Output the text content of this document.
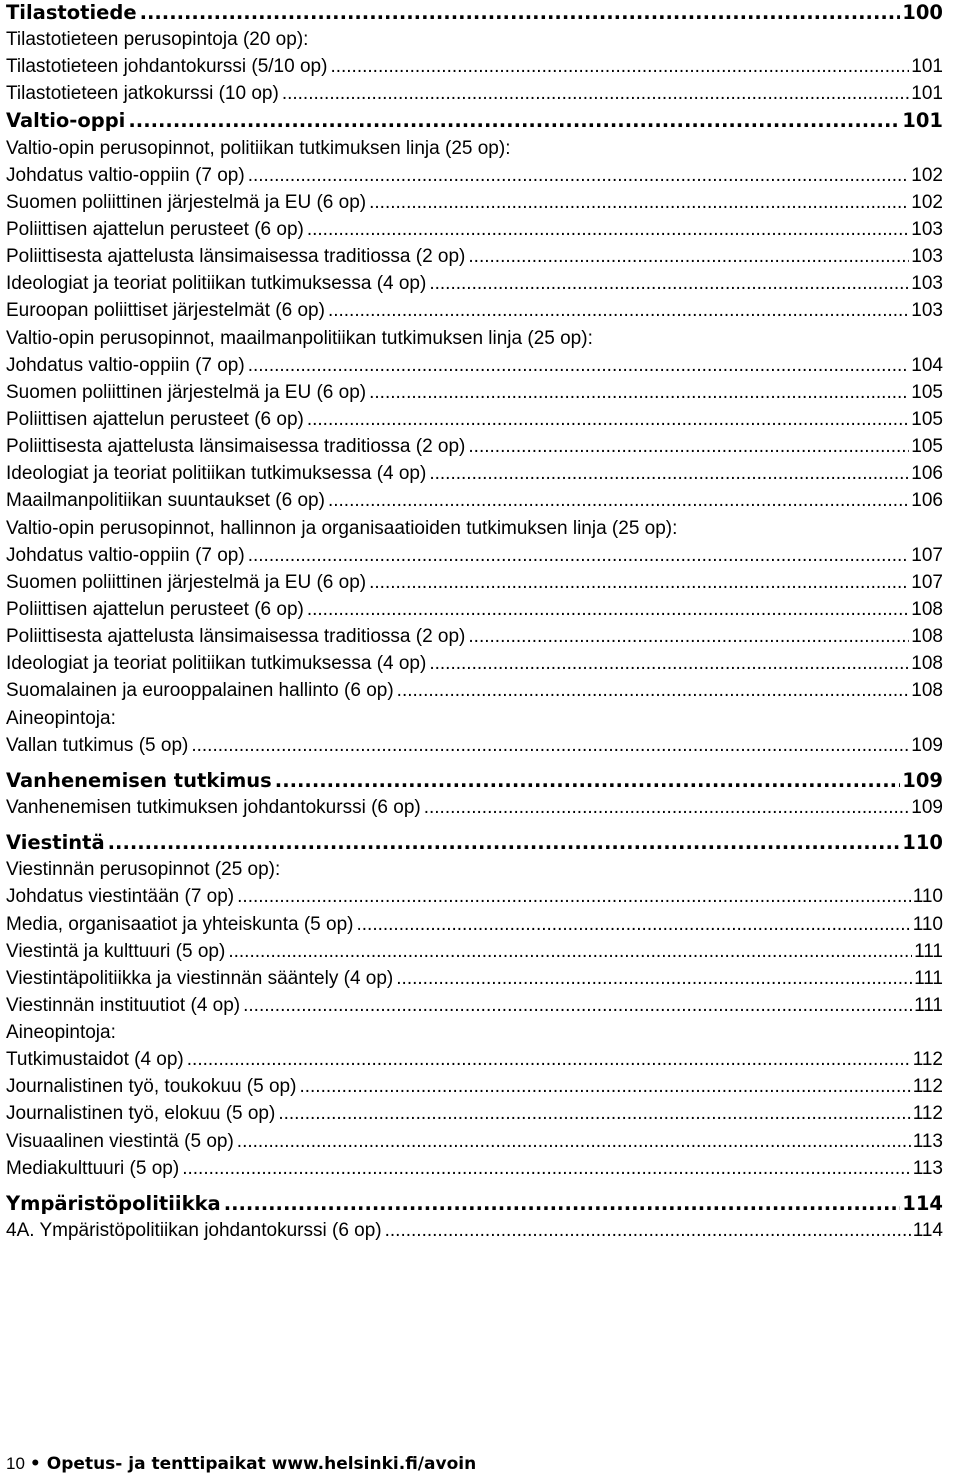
Tilastotiede .....	100
Tilastotieteen perusopintoja (20 op):
Tilastotieteen johdantokurssi (5/10 op) .....	101
Tilastotieteen jatkokurssi (10 op) .....	101
Valtio-oppi .....	101
Valtio-opin perusopinnot, politiikan tutkimuksen linja (25 op):
Johdatus valtio-oppiin (7 op) .....	102
Suomen poliittinen järjestelmä ja EU (6 op) .....	102
Poliittisen ajattelun perusteet (6 op) .....	103
Poliittisesta ajattelusta länsimaisessa traditiossa (2 op) .....	103
Ideologiat ja teoriat politiikan tutkimuksessa (4 op) .....	103
Euroopan poliittiset järjestelmät (6 op) .....	103
Valtio-opin perusopinnot, maailmanpolitiikan tutkimuksen linja (25 op):
Johdatus valtio-oppiin (7 op) .....	104
Suomen poliittinen järjestelmä ja EU (6 op) .....	105
Poliittisen ajattelun perusteet (6 op) .....	105
Poliittisesta ajattelusta länsimaisessa traditiossa (2 op) .....	105
Ideologiat ja teoriat politiikan tutkimuksessa (4 op) .....	106
Maailmanpolitiikan suuntaukset (6 op) .....	106
Valtio-opin perusopinnot, hallinnon ja organisaatioiden tutkimuksen linja (25 op):
Johdatus valtio-oppiin (7 op) .....	107
Suomen poliittinen järjestelmä ja EU (6 op) .....	107
Poliittisen ajattelun perusteet (6 op) .....	108
Poliittisesta ajattelusta länsimaisessa traditiossa (2 op) .....	108
Ideologiat ja teoriat politiikan tutkimuksessa (4 op) .....	108
Suomalainen ja eurooppalainen hallinto (6 op) .....	108
Aineopintoja:
Vallan tutkimus (5 op) .....	109
Vanhenemisen tutkimus .....	109
Vanhenemisen tutkimuksen johdantokurssi (6 op) .....	109
Viestintä .....	110
Viestinnän perusopinnot (25 op):
Johdatus viestintään (7 op) .....	110
Media, organisaatiot ja yhteiskunta (5 op) .....	110
Viestintä ja kulttuuri (5 op) .....	111
Viestintäpolitiikka ja viestinnän sääntely (4 op) .....	111
Viestinnän instituutiot (4 op) .....	111
Aineopintoja:
Tutkimustaidot (4 op) .....	112
Journalistinen työ, toukokuu (5 op) .....	112
Journalistinen työ, elokuu (5 op) .....	112
Visuaalinen viestintä (5 op) .....	113
Mediakulttuuri (5 op) .....	113
Ympäristöpolitiikka .....	114
4A. Ympäristöpolitiikan johdantokurssi (6 op) .....	114
10 • Opetus- ja tenttipaikat www.helsinki.fi/avoin
